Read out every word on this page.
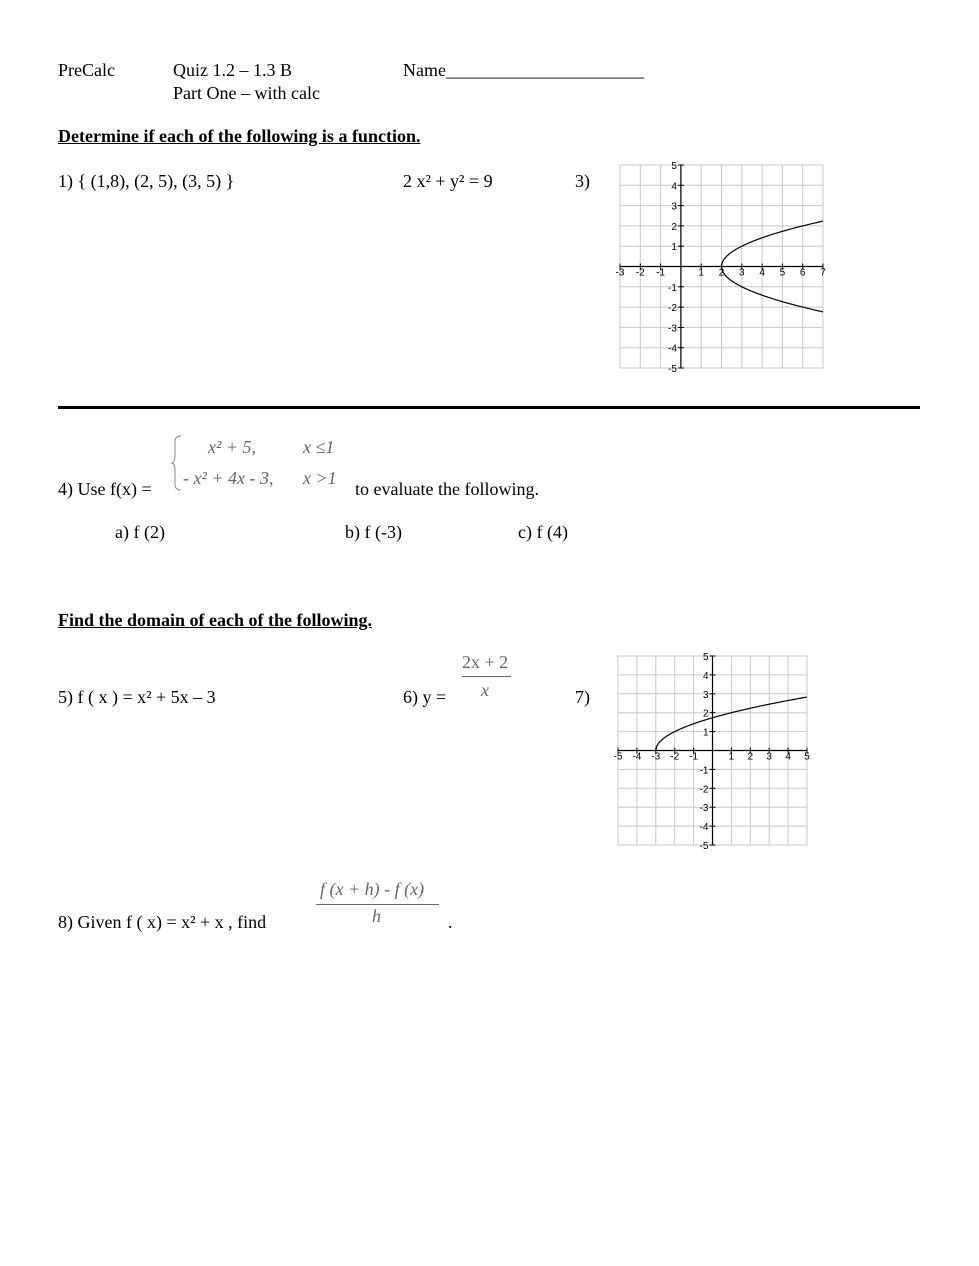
PreCalc	Quiz 1.2 – 1.3 B
Part One – with calc
Name______________________
Determine if each of the following is a function.
1) { (1,8), (2, 5), (3, 5) }	2 x² + y² = 9	3)
-3 -2 -1	1 2 3 4 5 6 7
5
4
3
2
1
-1
-2
-3
-4
-5
4) Use f(x) =
x² + 5,	x ≤1
- x² + 4x - 3, x >1
to evaluate the following.
a) f (2)	b) f (-3)	c) f (4)
Find the domain of each of the following.
5) f ( x ) = x² + 5x – 3	6) y =
2x + 2
x	7)
-5 -4 -3 -2 -1	1 2 3 4 5
5
4
3
2
1
-1
-2
-3
-4
-5
8) Given f ( x) = x² + x , find
f (x + h) - f (x)
h	.
